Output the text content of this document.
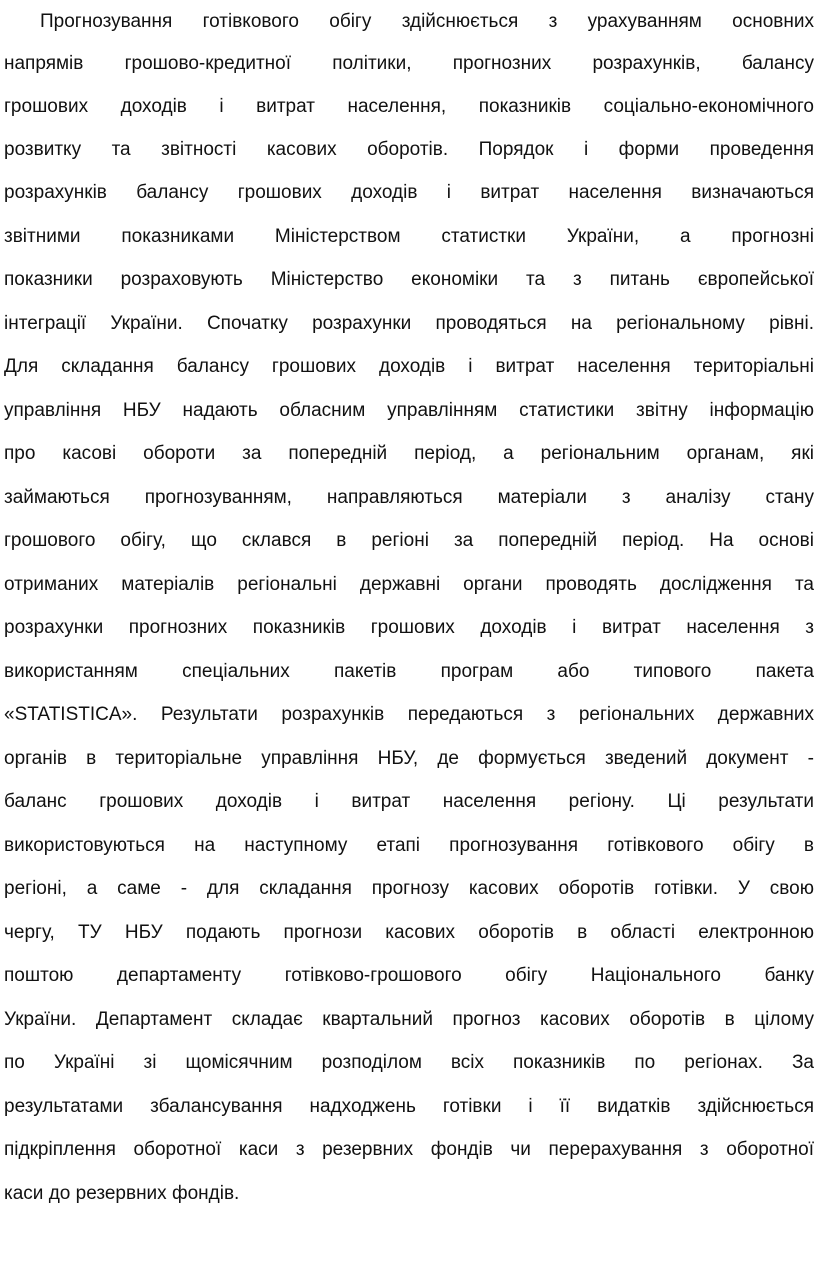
Прогнозування готівкового обігу здійснюється з урахуванням основних
напрямів грошово-кредитної політики, прогнозних розрахунків, балансу
грошових доходів і витрат населення, показників соціально-економічного
розвитку та звітності касових оборотів. Порядок і форми проведення
розрахунків балансу грошових доходів і витрат населення визначаються
звітними показниками Міністерством статистки України, а прогнозні
показники розраховують Міністерство економіки та з питань європейської
інтеграції України. Спочатку розрахунки проводяться на регіональному рівні.
Для складання балансу грошових доходів і витрат населення територіальні
управління НБУ надають обласним управлінням статистики звітну інформацію
про касові обороти за попередній період, а регіональним органам, які
займаються прогнозуванням, направляються матеріали з аналізу стану
грошового обігу, що склався в регіоні за попередній період. На основі
отриманих матеріалів регіональні державні органи проводять дослідження та
розрахунки прогнозних показників грошових доходів і витрат населення з
використанням спеціальних пакетів програм або типового пакета
«STATISTICA». Результати розрахунків передаються з регіональних державних
органів в територіальне управління НБУ, де формується зведений документ -
баланс грошових доходів і витрат населення регіону. Ці результати
використовуються на наступному етапі прогнозування готівкового обігу в
регіоні, а саме - для складання прогнозу касових оборотів готівки. У свою
чергу, ТУ НБУ подають прогнози касових оборотів в області електронною
поштою департаменту готівково-грошового обігу Національного банку
України. Департамент складає квартальний прогноз касових оборотів в цілому
по Україні зі щомісячним розподілом всіх показників по регіонах. За
результатами збалансування надходжень готівки і її видатків здійснюється
підкріплення оборотної каси з резервних фондів чи перерахування з оборотної
каси до резервних фондів.
